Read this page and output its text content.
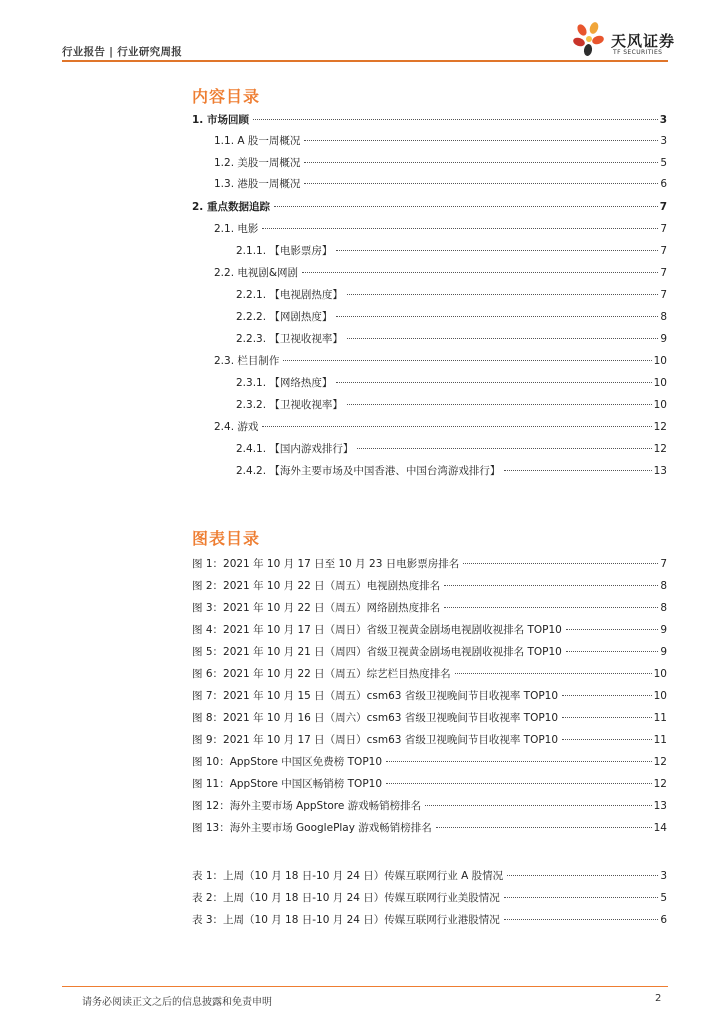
行业报告 | 行业研究周报
天风证券
TF SECURITIES
内容目录
1. 市场回顾	3
1.1. A 股一周概况	3
1.2. 美股一周概况	5
1.3. 港股一周概况	6
2. 重点数据追踪	7
2.1. 电影	7
2.1.1. 【电影票房】	7
2.2. 电视剧&网剧	7
2.2.1. 【电视剧热度】	7
2.2.2. 【网剧热度】	8
2.2.3. 【卫视收视率】	9
2.3. 栏目制作	10
2.3.1. 【网络热度】	10
2.3.2. 【卫视收视率】	10
2.4. 游戏	12
2.4.1. 【国内游戏排行】	12
2.4.2. 【海外主要市场及中国香港、中国台湾游戏排行】	13
图表目录
图 1：2021 年 10 月 17 日至 10 月 23 日电影票房排名	7
图 2：2021 年 10 月 22 日（周五）电视剧热度排名	8
图 3：2021 年 10 月 22 日（周五）网络剧热度排名	8
图 4：2021 年 10 月 17 日（周日）省级卫视黄金剧场电视剧收视排名 TOP10	9
图 5：2021 年 10 月 21 日（周四）省级卫视黄金剧场电视剧收视排名 TOP10	9
图 6：2021 年 10 月 22 日（周五）综艺栏目热度排名	10
图 7：2021 年 10 月 15 日（周五）csm63 省级卫视晚间节目收视率 TOP10	10
图 8：2021 年 10 月 16 日（周六）csm63 省级卫视晚间节目收视率 TOP10	11
图 9：2021 年 10 月 17 日（周日）csm63 省级卫视晚间节目收视率 TOP10	11
图 10：AppStore 中国区免费榜 TOP10	12
图 11：AppStore 中国区畅销榜 TOP10	12
图 12：海外主要市场 AppStore 游戏畅销榜排名	13
图 13：海外主要市场 GooglePlay 游戏畅销榜排名	14
表 1：上周（10 月 18 日-10 月 24 日）传媒互联网行业 A 股情况	3
表 2：上周（10 月 18 日-10 月 24 日）传媒互联网行业美股情况	5
表 3：上周（10 月 18 日-10 月 24 日）传媒互联网行业港股情况	6
请务必阅读正文之后的信息披露和免责申明	2
